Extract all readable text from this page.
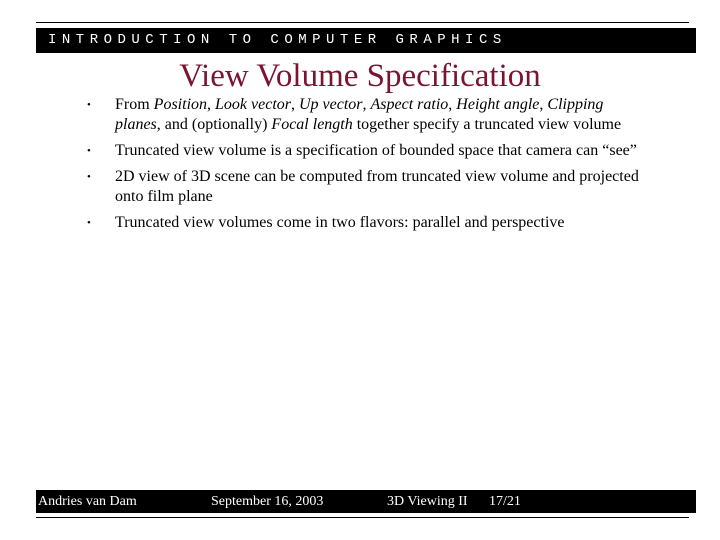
INTRODUCTION TO COMPUTER GRAPHICS
View Volume Specification
•	From Position, Look vector, Up vector, Aspect ratio, Height angle, Clipping planes, and (optionally) Focal length together specify a truncated view volume
•	Truncated view volume is a specification of bounded space that camera can “see”
•	2D view of 3D scene can be computed from truncated view volume and projected onto film plane
•	Truncated view volumes come in two flavors: parallel and perspective
Andries van Dam	September 16, 2003	3D Viewing II 17/21
